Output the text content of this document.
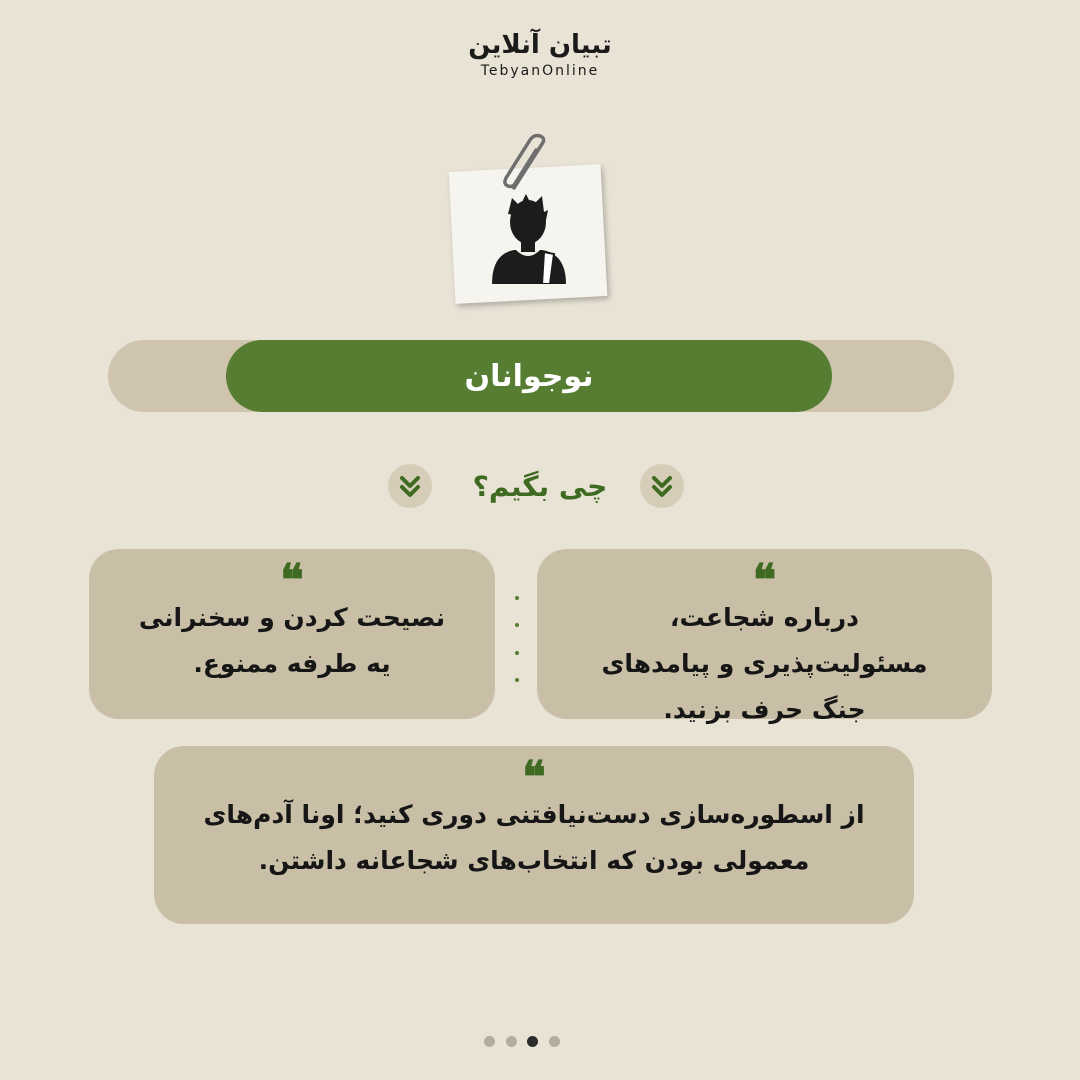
تبیان آنلاین
TebyanOnline
نوجوانان
چی بگیم؟
❝
درباره شجاعت، مسئولیت‌پذیری و پیامدهای جنگ حرف بزنید.
❝
نصیحت کردن و سخنرانی یه طرفه ممنوع.
❝
از اسطوره‌سازی دست‌نیافتنی دوری کنید؛ اونا آدم‌های معمولی بودن که انتخاب‌های شجاعانه داشتن.
